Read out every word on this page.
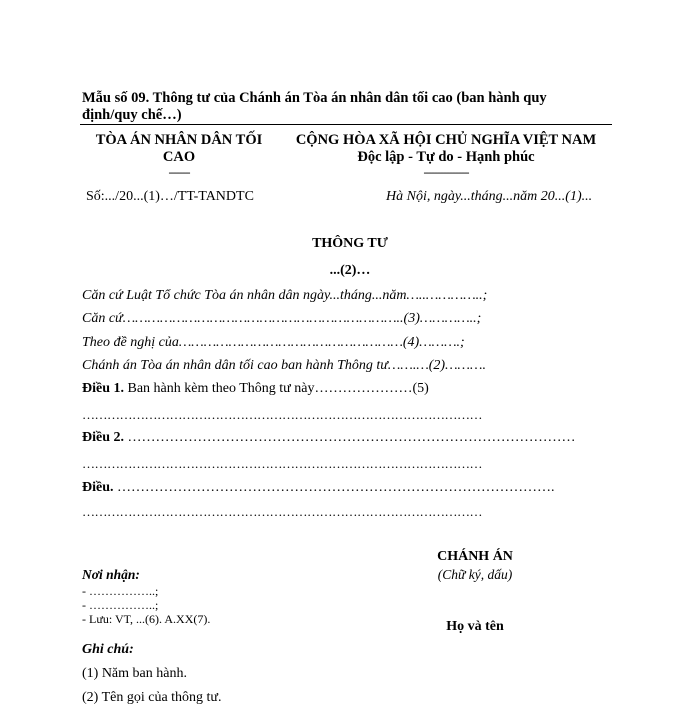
Mẫu số 09. Thông tư của Chánh án Tòa án nhân dân tối cao (ban hành quy
định/quy chế…)
TÒA ÁN NHÂN DÂN TỐI
CAO
-------
CỘNG HÒA XÃ HỘI CHỦ NGHĨA VIỆT NAM
Độc lập - Tự do - Hạnh phúc
---------------
Số:.../20...(1)…/TT-TANDTC	Hà Nội, ngày...tháng...năm 20...(1)...
THÔNG TƯ
...(2)…
Căn cứ Luật Tổ chức Tòa án nhân dân ngày...tháng...năm…..…………..;
Căn cứ…………………………………………………………..(3)…………..;
Theo đề nghị của………………………………………………(4)……….;
Chánh án Tòa án nhân dân tối cao ban hành Thông tư…….…(2)……….
Điều 1. Ban hành kèm theo Thông tư này…………………(5)
……………………………………………………………………………………
Điều 2. ……………………………………………………………………………………
……………………………………………………………………………………
Điều. ………………………………………………………………………………….
……………………………………………………………………………………
CHÁNH ÁN
(Chữ ký, dấu)
Họ và tên
Nơi nhận:
- ……………..;
- ……………..;
- Lưu: VT, ...(6). A.XX(7).
Ghi chú:
(1) Năm ban hành.
(2) Tên gọi của thông tư.
